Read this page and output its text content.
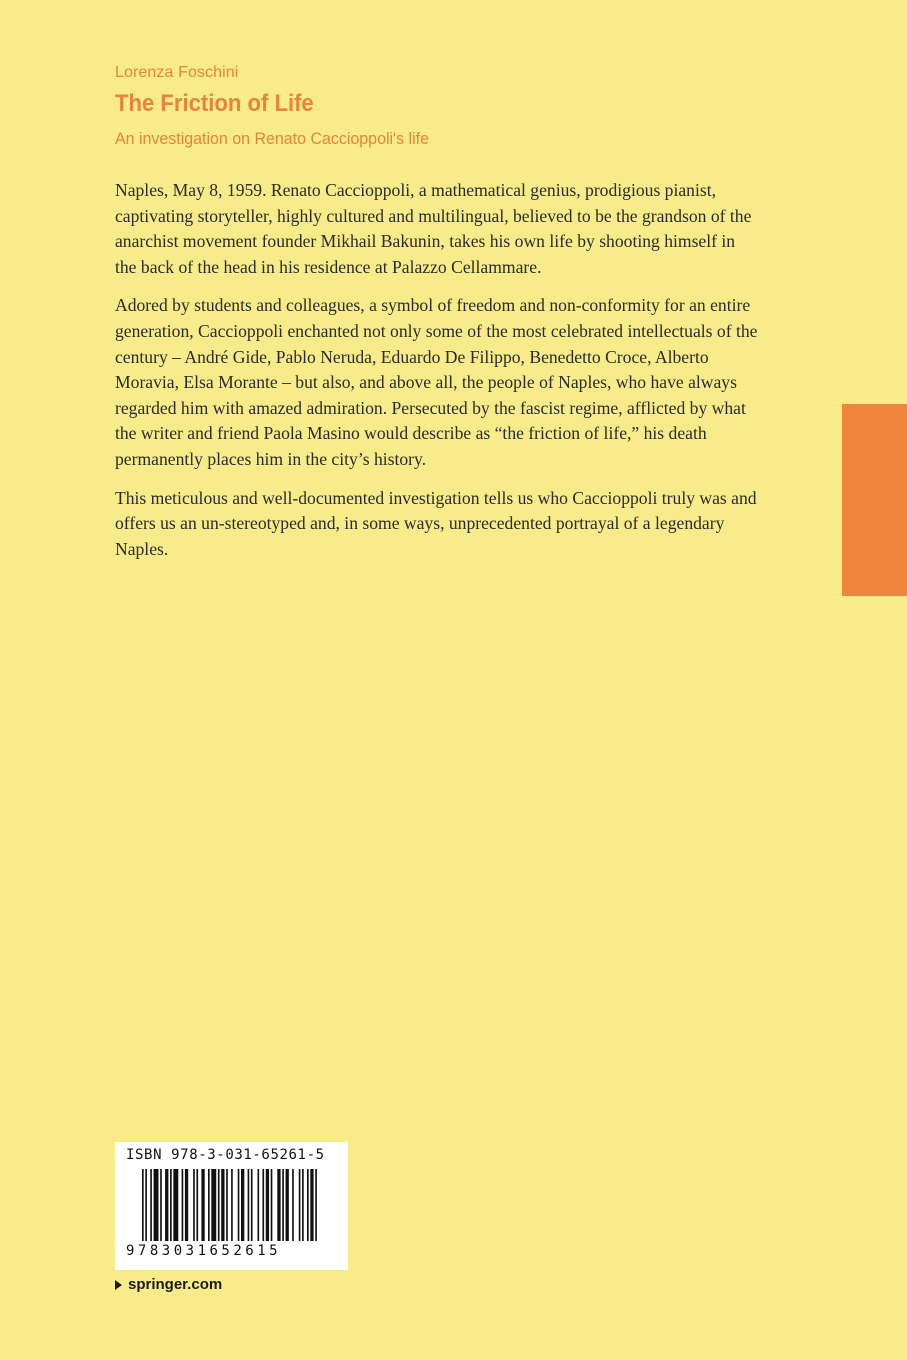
Lorenza Foschini
The Friction of Life
An investigation on Renato Caccioppoli's life

Naples, May 8, 1959. Renato Caccioppoli, a mathematical genius, prodigious pianist, captivating storyteller, highly cultured and multilingual, believed to be the grandson of the anarchist movement founder Mikhail Bakunin, takes his own life by shooting himself in the back of the head in his residence at Palazzo Cellammare.

Adored by students and colleagues, a symbol of freedom and non-conformity for an entire generation, Caccioppoli enchanted not only some of the most celebrated intellectuals of the century – André Gide, Pablo Neruda, Eduardo De Filippo, Benedetto Croce, Alberto Moravia, Elsa Morante – but also, and above all, the people of Naples, who have always regarded him with amazed admiration. Persecuted by the fascist regime, afflicted by what the writer and friend Paola Masino would describe as “the friction of life,” his death permanently places him in the city’s history.

This meticulous and well-documented investigation tells us who Caccioppoli truly was and offers us an un-stereotyped and, in some ways, unprecedented portrayal of a legendary Naples.

ISBN 978-3-031-65261-5
9783031652615
springer.com
